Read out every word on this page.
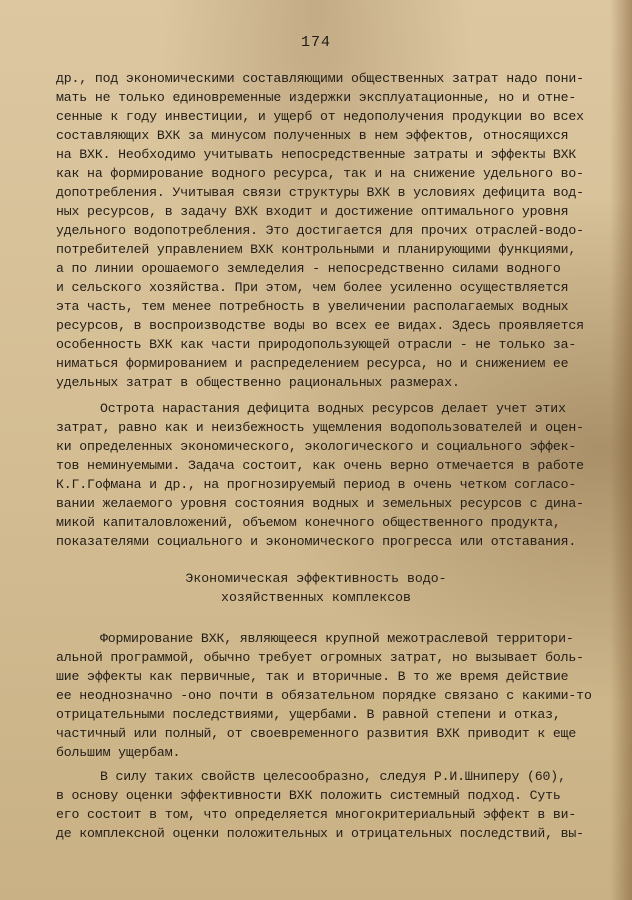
174
др., под экономическими составляющими общественных затрат надо пони-
мать не только единовременные издержки эксплуатационные, но и отне-
сенные к году инвестиции, и ущерб от недополучения продукции во всех
составляющих ВХК за минусом полученных в нем эффектов, относящихся
на ВХК. Необходимо учитывать непосредственные затраты и эффекты ВХК
как на формирование водного ресурса, так и на снижение удельного во-
допотребления. Учитывая связи структуры ВХК в условиях дефицита вод-
ных ресурсов, в задачу ВХК входит и достижение оптимального уровня
удельного водопотребления. Это достигается для прочих отраслей-водо-
потребителей управлением ВХК контрольными и планирующими функциями,
а по линии орошаемого земледелия - непосредственно силами водного
и сельского хозяйства. При этом, чем более усиленно осуществляется
эта часть, тем менее потребность в увеличении располагаемых водных
ресурсов, в воспроизводстве воды во всех ее видах. Здесь проявляется
особенность ВХК как части природопользующей отрасли - не только за-
ниматься формированием и распределением ресурса, но и снижением ее
удельных затрат в общественно рациональных размерах.
Острота нарастания дефицита водных ресурсов делает учет этих
затрат, равно как и неизбежность ущемления водопользователей и оцен-
ки определенных экономического, экологического и социального эффек-
тов неминуемыми. Задача состоит, как очень верно отмечается в работе
К.Г.Гофмана и др., на прогнозируемый период в очень четком согласо-
вании желаемого уровня состояния водных и земельных ресурсов с дина-
микой капиталовложений, объемом конечного общественного продукта,
показателями социального и экономического прогресса или отставания.
Экономическая эффективность водо-
хозяйственных комплексов
Формирование ВХК, являющееся крупной межотраслевой территори-
альной программой, обычно требует огромных затрат, но вызывает боль-
шие эффекты как первичные, так и вторичные. В то же время действие
ее неоднозначно -оно почти в обязательном порядке связано с какими-то
отрицательными последствиями, ущербами. В равной степени и отказ,
частичный или полный, от своевременного развития ВХК приводит к еще
большим ущербам.
В силу таких свойств целесообразно, следуя Р.И.Шниперу (60),
в основу оценки эффективности ВХК положить системный подход. Суть
его состоит в том, что определяется многокритериальный эффект в ви-
де комплексной оценки положительных и отрицательных последствий, вы-
